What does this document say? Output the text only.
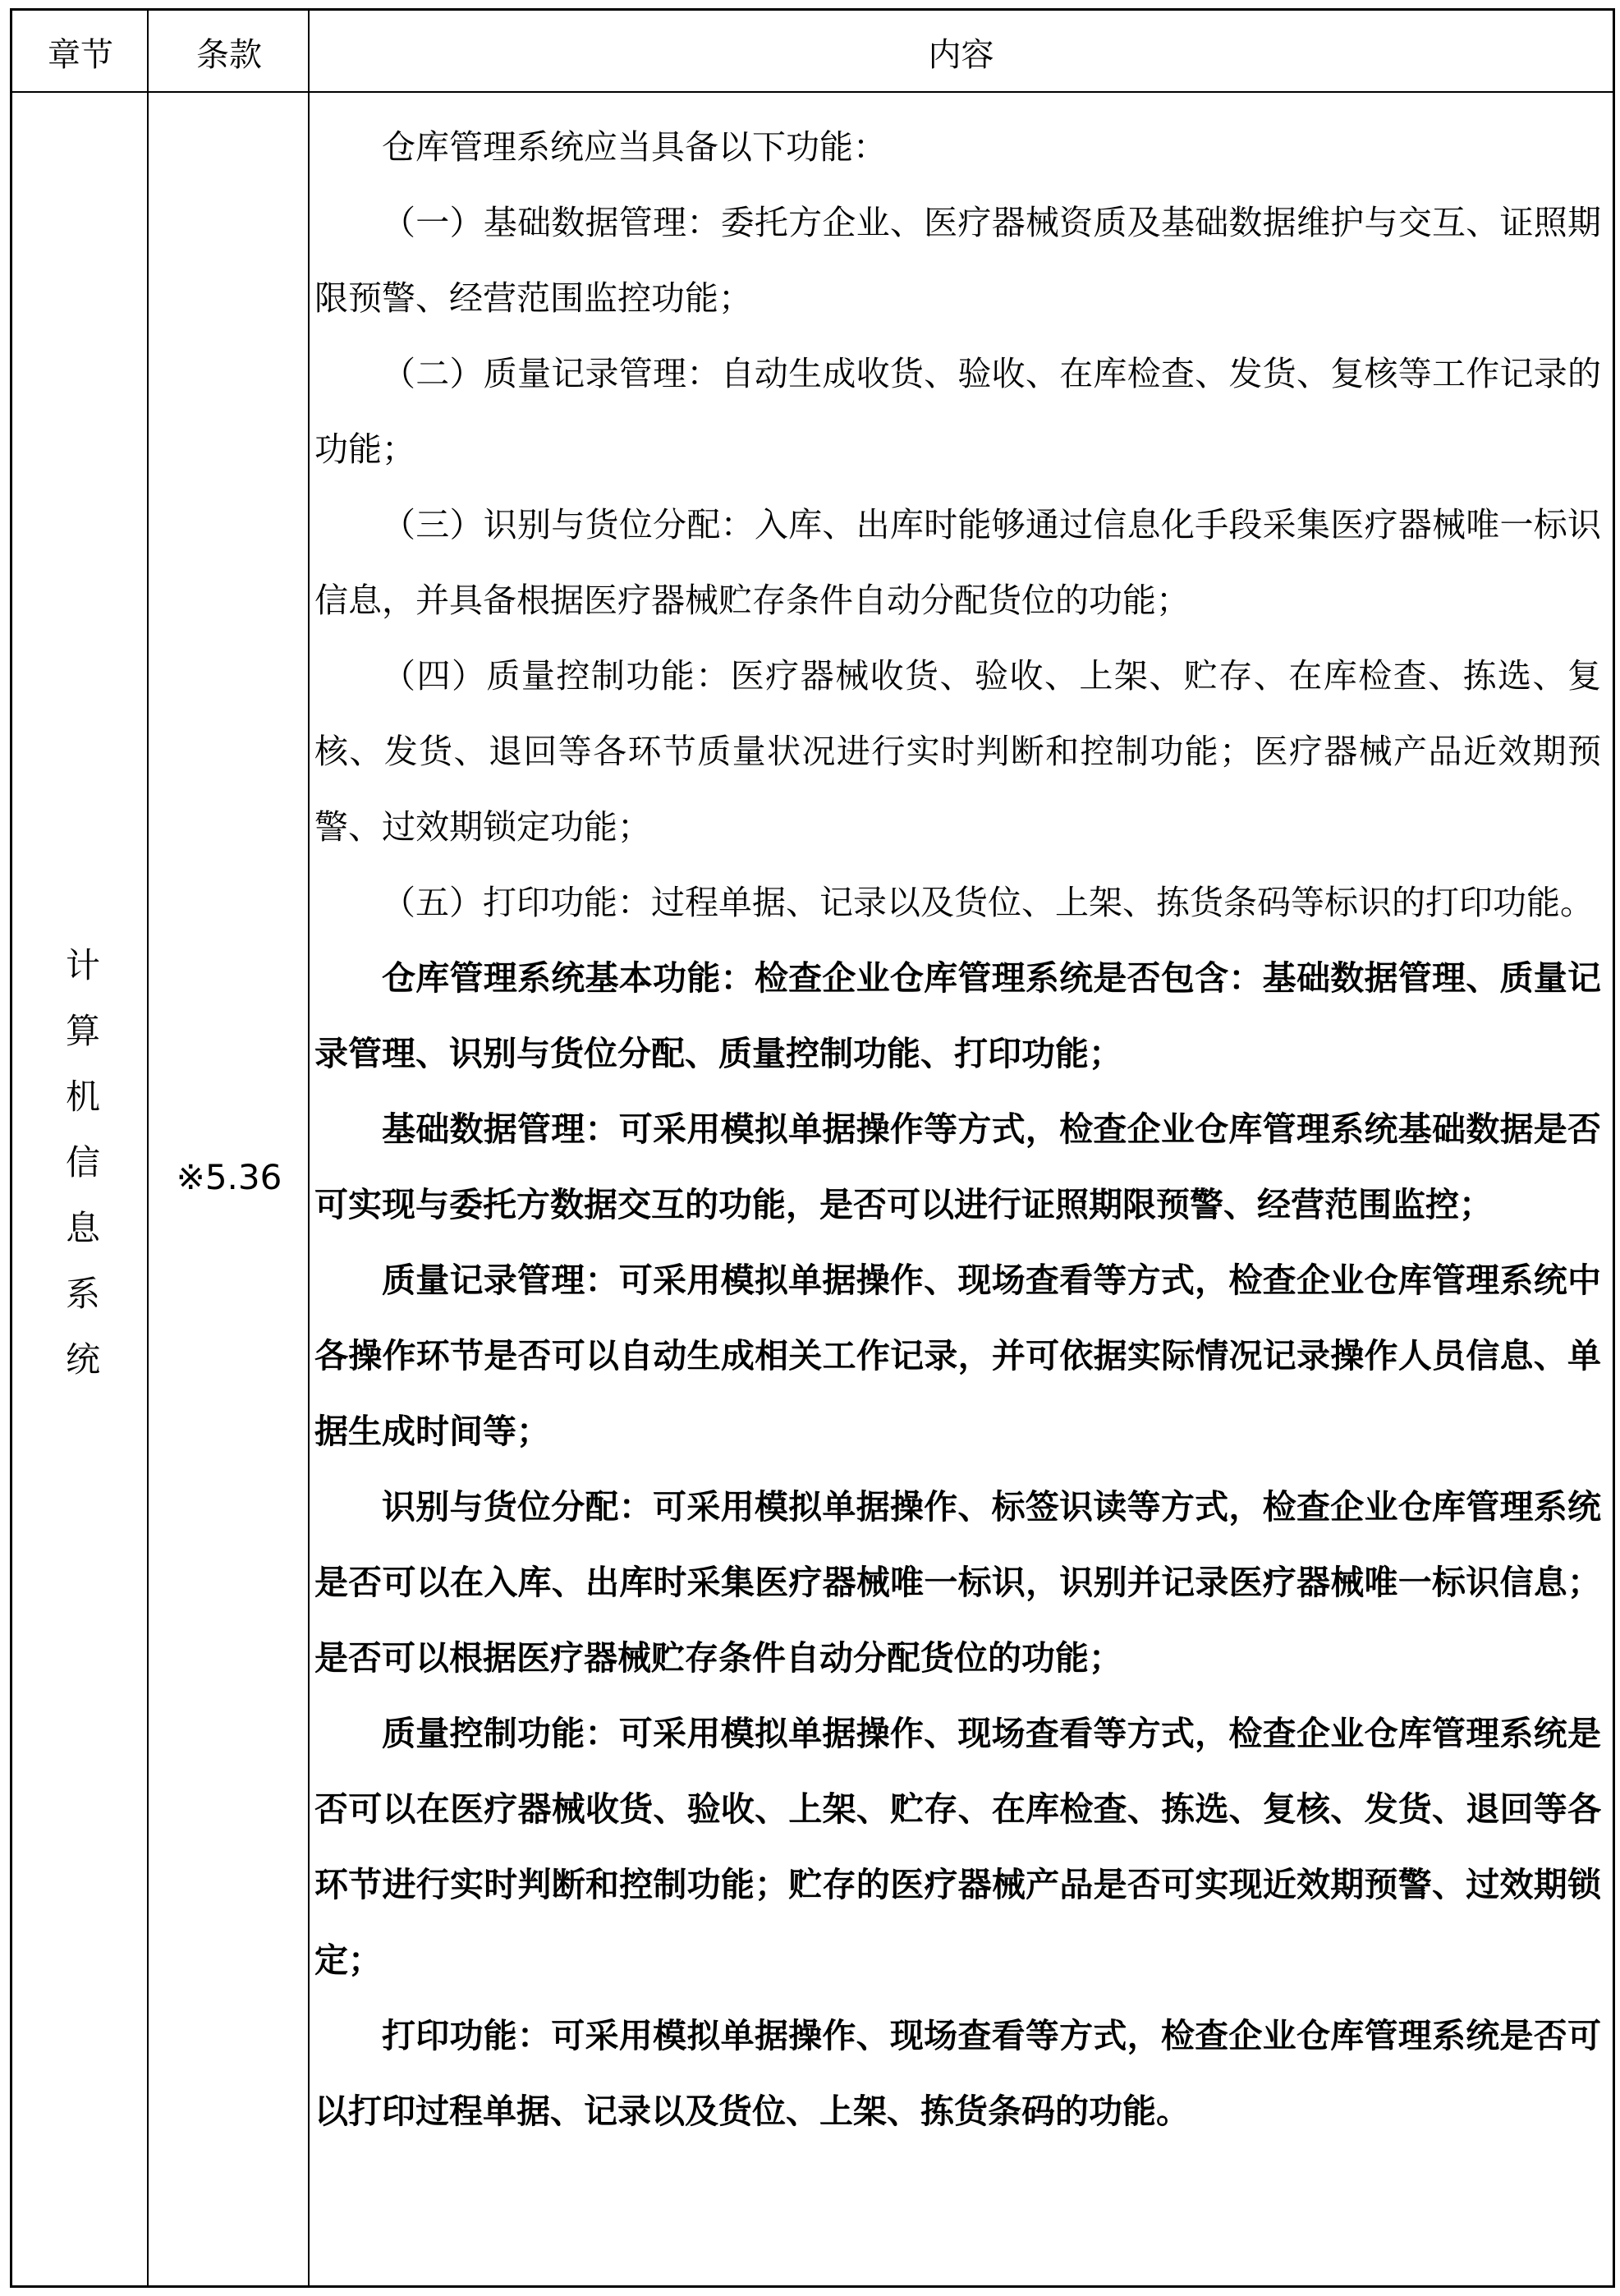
章节	条款	内容
计算机信息系统	※5.36

仓库管理系统应当具备以下功能：

（一）基础数据管理：委托方企业、医疗器械资质及基础数据维护与交互、证照期限预警、经营范围监控功能；

（二）质量记录管理：自动生成收货、验收、在库检查、发货、复核等工作记录的功能；

（三）识别与货位分配：入库、出库时能够通过信息化手段采集医疗器械唯一标识信息，并具备根据医疗器械贮存条件自动分配货位的功能；

（四）质量控制功能：医疗器械收货、验收、上架、贮存、在库检查、拣选、复核、发货、退回等各环节质量状况进行实时判断和控制功能；医疗器械产品近效期预警、过效期锁定功能；

（五）打印功能：过程单据、记录以及货位、上架、拣货条码等标识的打印功能。

仓库管理系统基本功能：检查企业仓库管理系统是否包含：基础数据管理、质量记录管理、识别与货位分配、质量控制功能、打印功能；

基础数据管理：可采用模拟单据操作等方式，检查企业仓库管理系统基础数据是否可实现与委托方数据交互的功能，是否可以进行证照期限预警、经营范围监控；

质量记录管理：可采用模拟单据操作、现场查看等方式，检查企业仓库管理系统中各操作环节是否可以自动生成相关工作记录，并可依据实际情况记录操作人员信息、单据生成时间等；

识别与货位分配：可采用模拟单据操作、标签识读等方式，检查企业仓库管理系统是否可以在入库、出库时采集医疗器械唯一标识，识别并记录医疗器械唯一标识信息；是否可以根据医疗器械贮存条件自动分配货位的功能；

质量控制功能：可采用模拟单据操作、现场查看等方式，检查企业仓库管理系统是否可以在医疗器械收货、验收、上架、贮存、在库检查、拣选、复核、发货、退回等各环节进行实时判断和控制功能；贮存的医疗器械产品是否可实现近效期预警、过效期锁定；

打印功能：可采用模拟单据操作、现场查看等方式，检查企业仓库管理系统是否可以打印过程单据、记录以及货位、上架、拣货条码的功能。
